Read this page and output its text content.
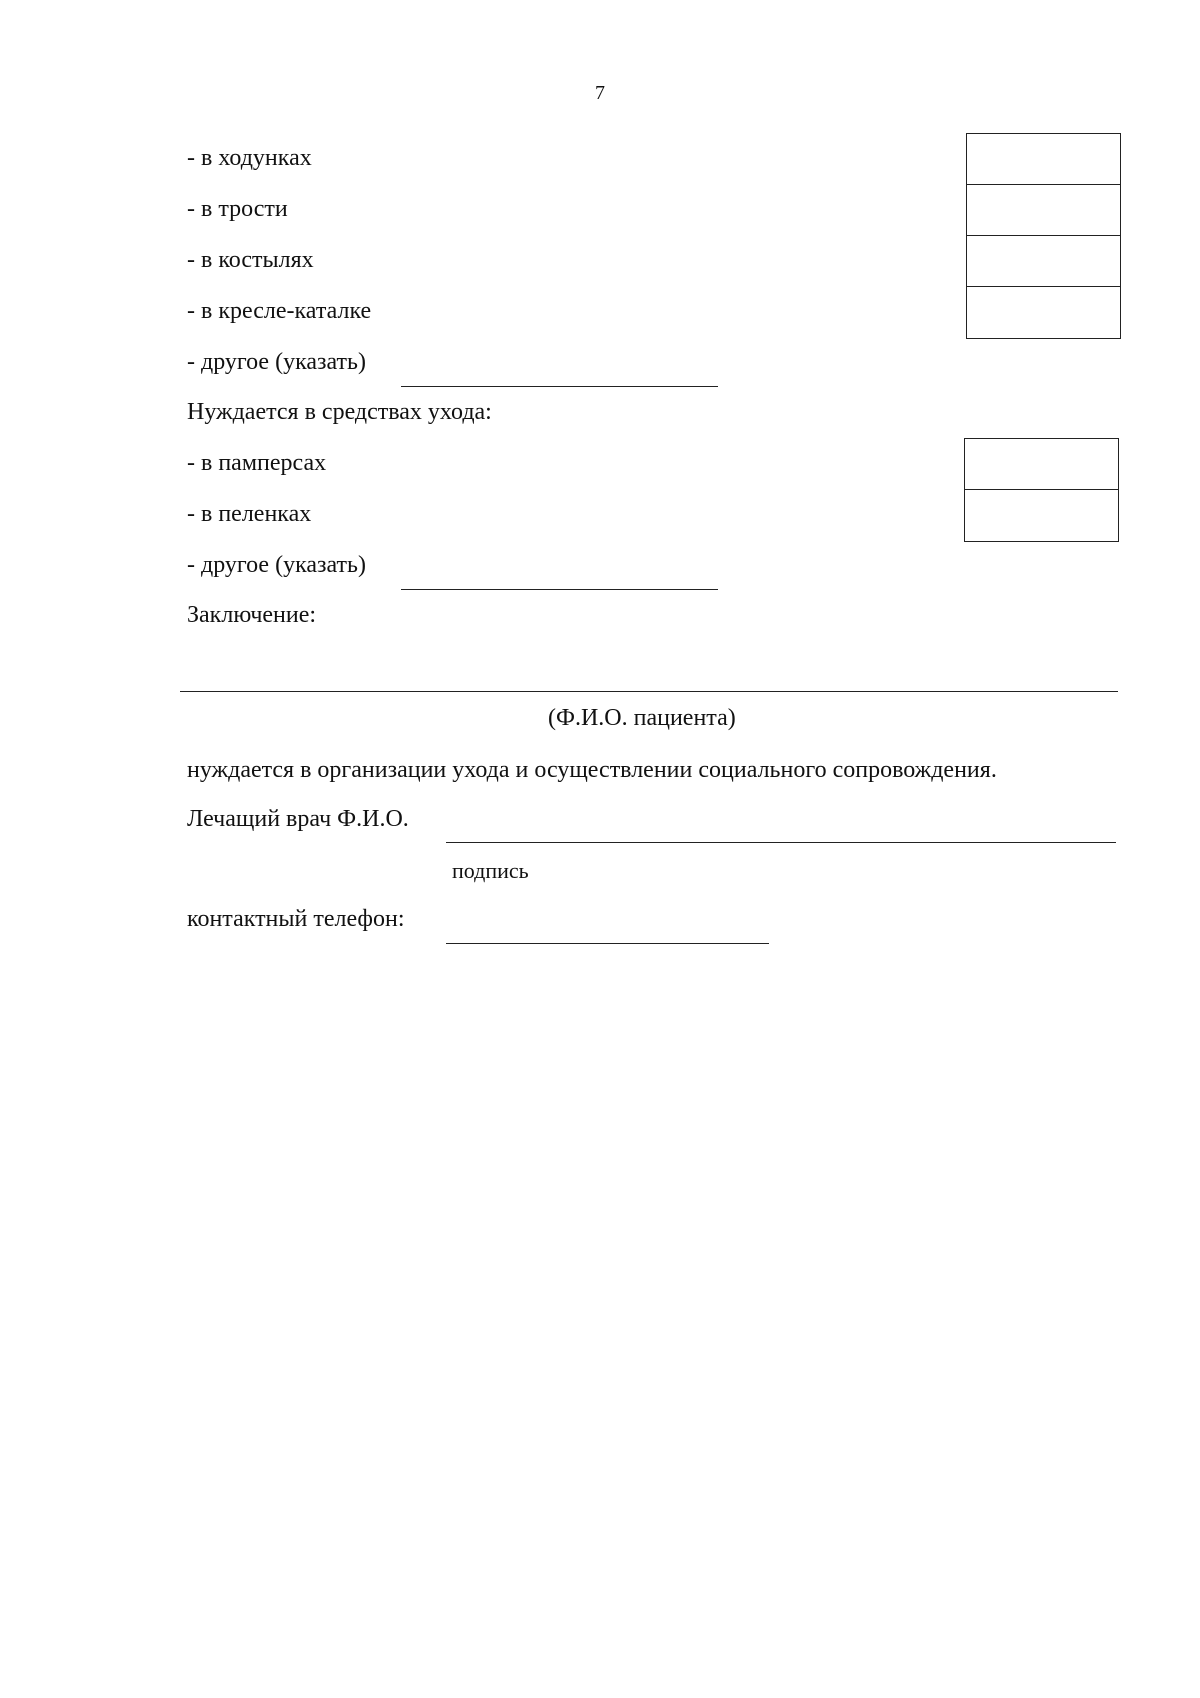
7
- в ходунках
- в трости
- в костылях
- в кресле-каталке
- другое (указать)
Нуждается в средствах ухода:
- в памперсах
- в пеленках
- другое (указать)
Заключение:
(Ф.И.О. пациента)
нуждается в организации ухода и осуществлении социального сопровождения.
Лечащий врач Ф.И.О.
подпись
контактный телефон:
